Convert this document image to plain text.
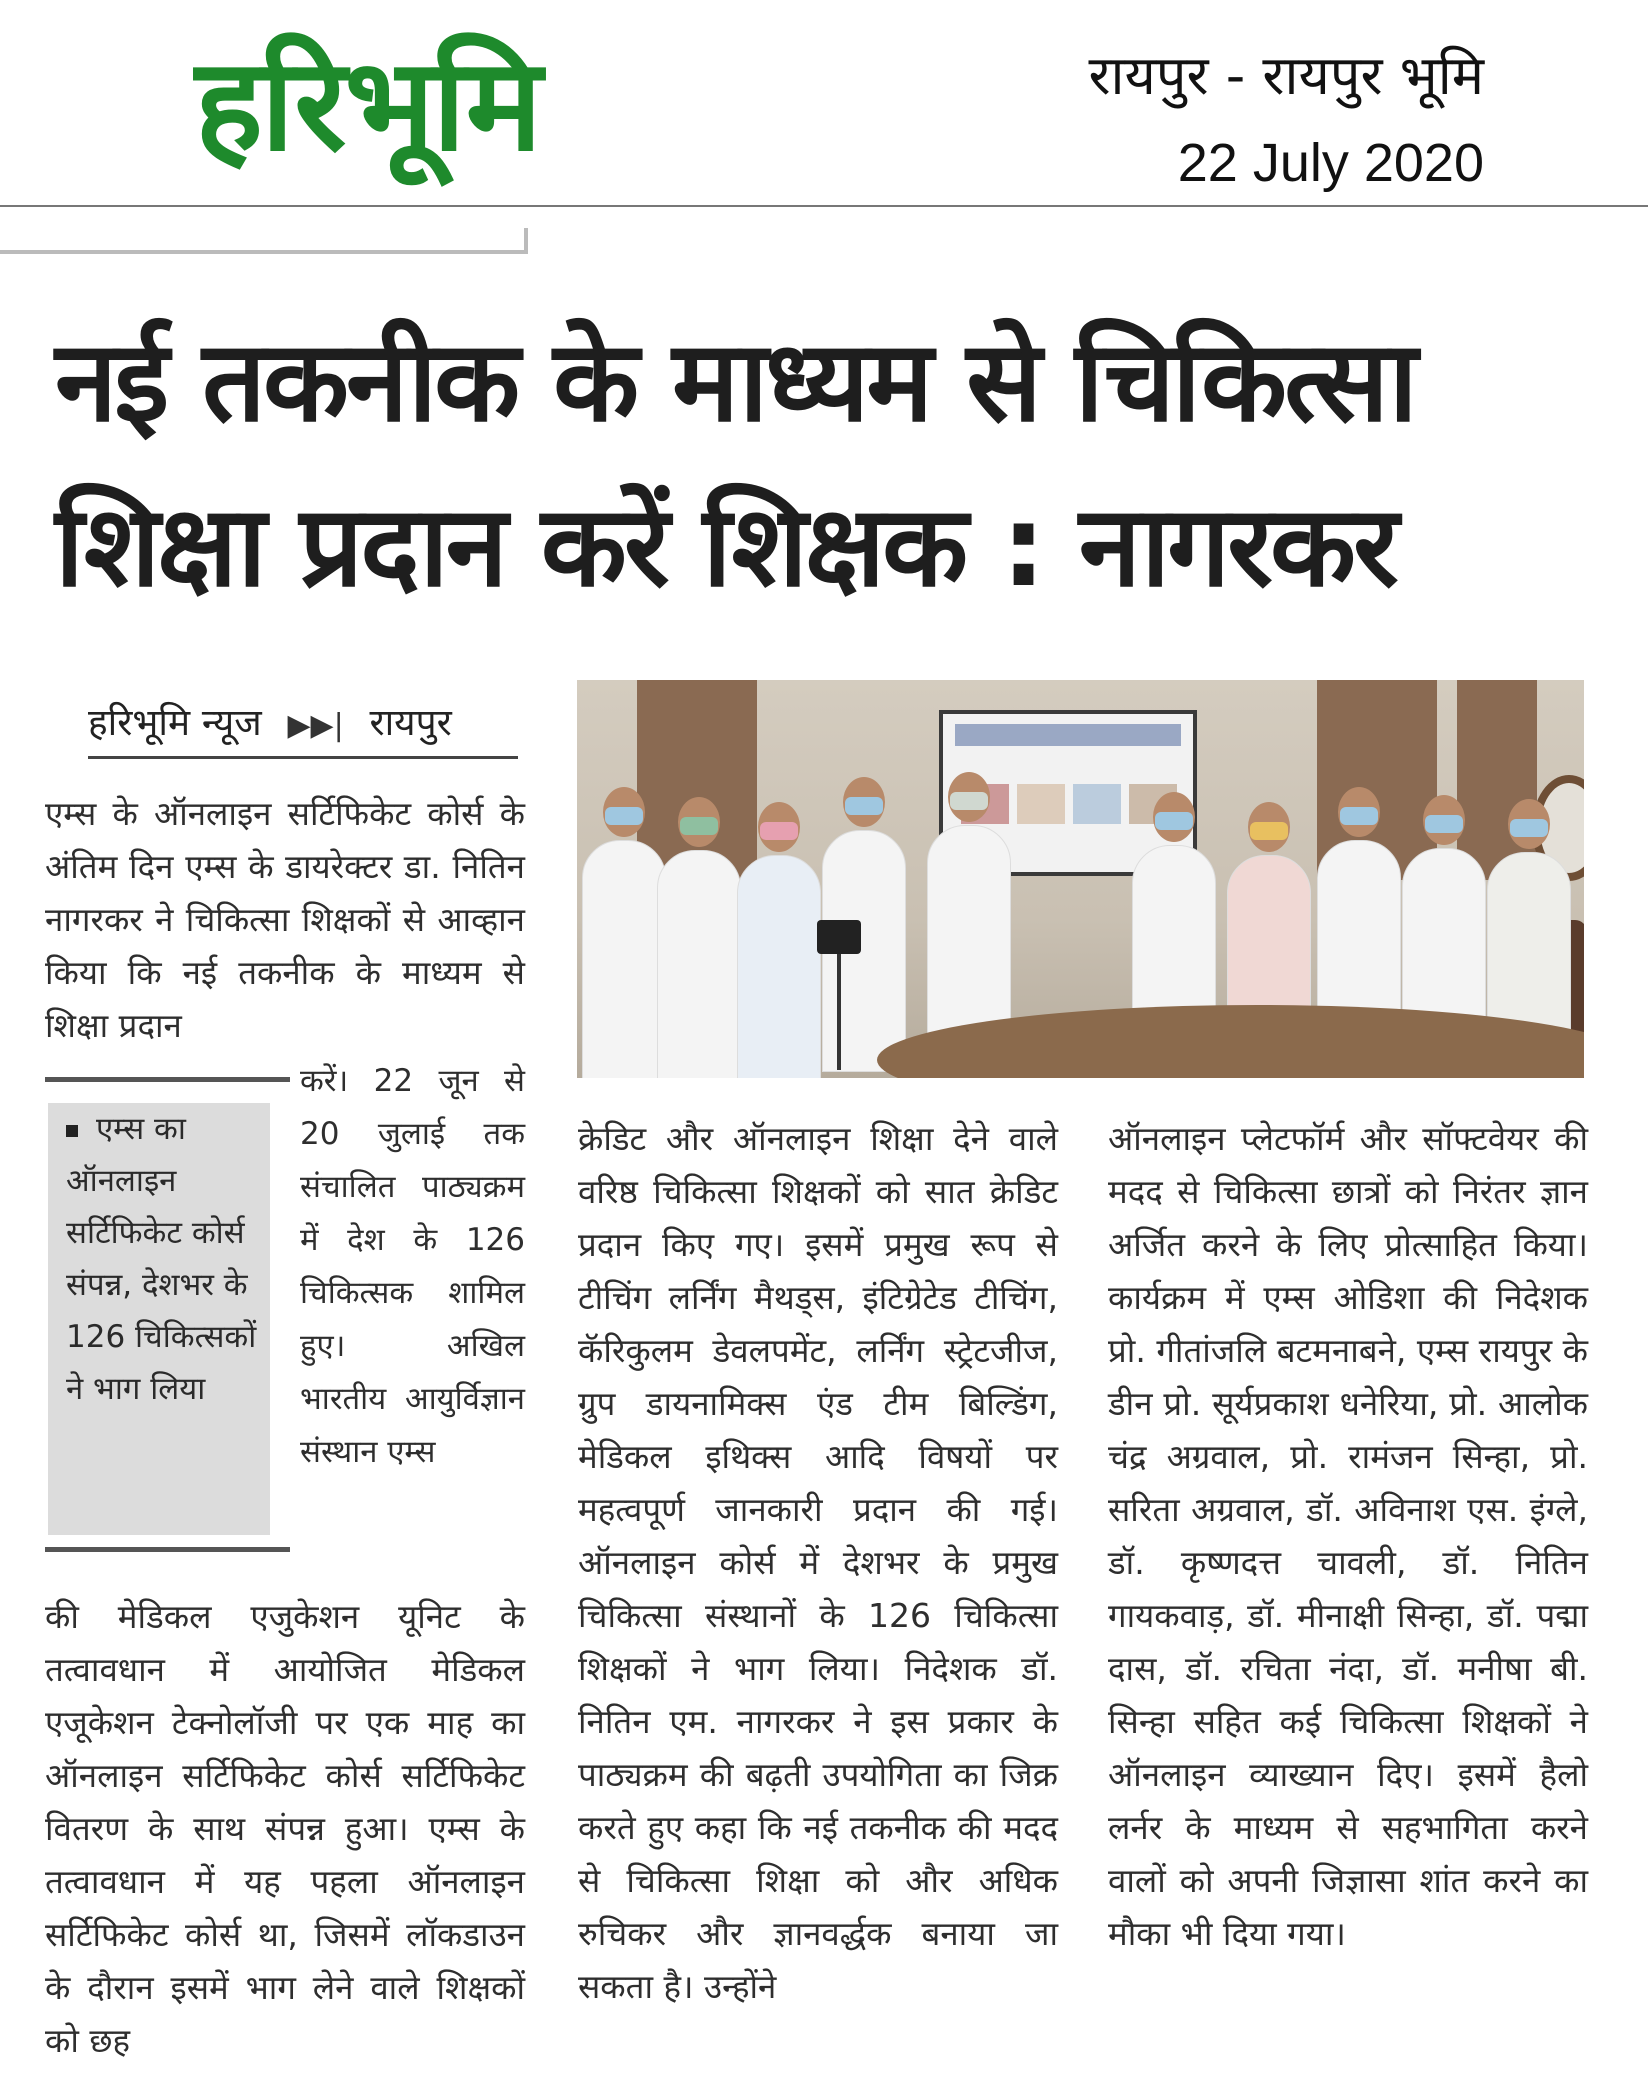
हरिभूमि	रायपुर - रायपुर भूमि
22 July 2020
नई तकनीक के माध्यम से चिकित्सा
शिक्षा प्रदान करें शिक्षक : नागरकर
हरिभूमि न्यूज ▶▶| रायपुर
एम्स के ऑनलाइन सर्टिफिकेट कोर्स के अंतिम दिन एम्स के डायरेक्टर डा. नितिन नागरकर ने चिकित्सा शिक्षकों से आव्हान किया कि नई तकनीक के माध्यम से शिक्षा प्रदान
एम्स का ऑनलाइन सर्टिफिकेट कोर्स संपन्न, देशभर के 126 चिकित्सकों ने भाग लिया
करें। 22 जून से 20 जुलाई तक संचालित पाठ्यक्रम में देश के 126 चिकित्सक शामिल हुए। अखिल भारतीय आयुर्विज्ञान संस्थान एम्स
की मेडिकल एजुकेशन यूनिट के तत्वावधान में आयोजित मेडिकल एजूकेशन टेक्नोलॉजी पर एक माह का ऑनलाइन सर्टिफिकेट कोर्स सर्टिफिकेट वितरण के साथ संपन्न हुआ। एम्स के तत्वावधान में यह पहला ऑनलाइन सर्टिफिकेट कोर्स था, जिसमें लॉकडाउन के दौरान इसमें भाग लेने वाले शिक्षकों को छह
क्रेडिट और ऑनलाइन शिक्षा देने वाले वरिष्ठ चिकित्सा शिक्षकों को सात क्रेडिट प्रदान किए गए। इसमें प्रमुख रूप से टीचिंग लर्निंग मैथड्स, इंटिग्रेटेड टीचिंग, कॅरिकुलम डेवलपमेंट, लर्निंग स्ट्रेटजीज, ग्रुप डायनामिक्स एंड टीम बिल्डिंग, मेडिकल इथिक्स आदि विषयों पर महत्वपूर्ण जानकारी प्रदान की गई। ऑनलाइन कोर्स में देशभर के प्रमुख चिकित्सा संस्थानों के 126 चिकित्सा शिक्षकों ने भाग लिया। निदेशक डॉ. नितिन एम. नागरकर ने इस प्रकार के पाठ्यक्रम की बढ़ती उपयोगिता का जिक्र करते हुए कहा कि नई तकनीक की मदद से चिकित्सा शिक्षा को और अधिक रुचिकर और ज्ञानवर्द्धक बनाया जा सकता है। उन्होंने
ऑनलाइन प्लेटफॉर्म और सॉफ्टवेयर की मदद से चिकित्सा छात्रों को निरंतर ज्ञान अर्जित करने के लिए प्रोत्साहित किया। कार्यक्रम में एम्स ओडिशा की निदेशक प्रो. गीतांजलि बटमनाबने, एम्स रायपुर के डीन प्रो. सूर्यप्रकाश धनेरिया, प्रो. आलोक चंद्र अग्रवाल, प्रो. रामंजन सिन्हा, प्रो. सरिता अग्रवाल, डॉ. अविनाश एस. इंग्ले, डॉ. कृष्णदत्त चावली, डॉ. नितिन गायकवाड़, डॉ. मीनाक्षी सिन्हा, डॉ. पद्मा दास, डॉ. रचिता नंदा, डॉ. मनीषा बी. सिन्हा सहित कई चिकित्सा शिक्षकों ने ऑनलाइन व्याख्यान दिए। इसमें हैलो लर्नर के माध्यम से सहभागिता करने वालों को अपनी जिज्ञासा शांत करने का मौका भी दिया गया।
